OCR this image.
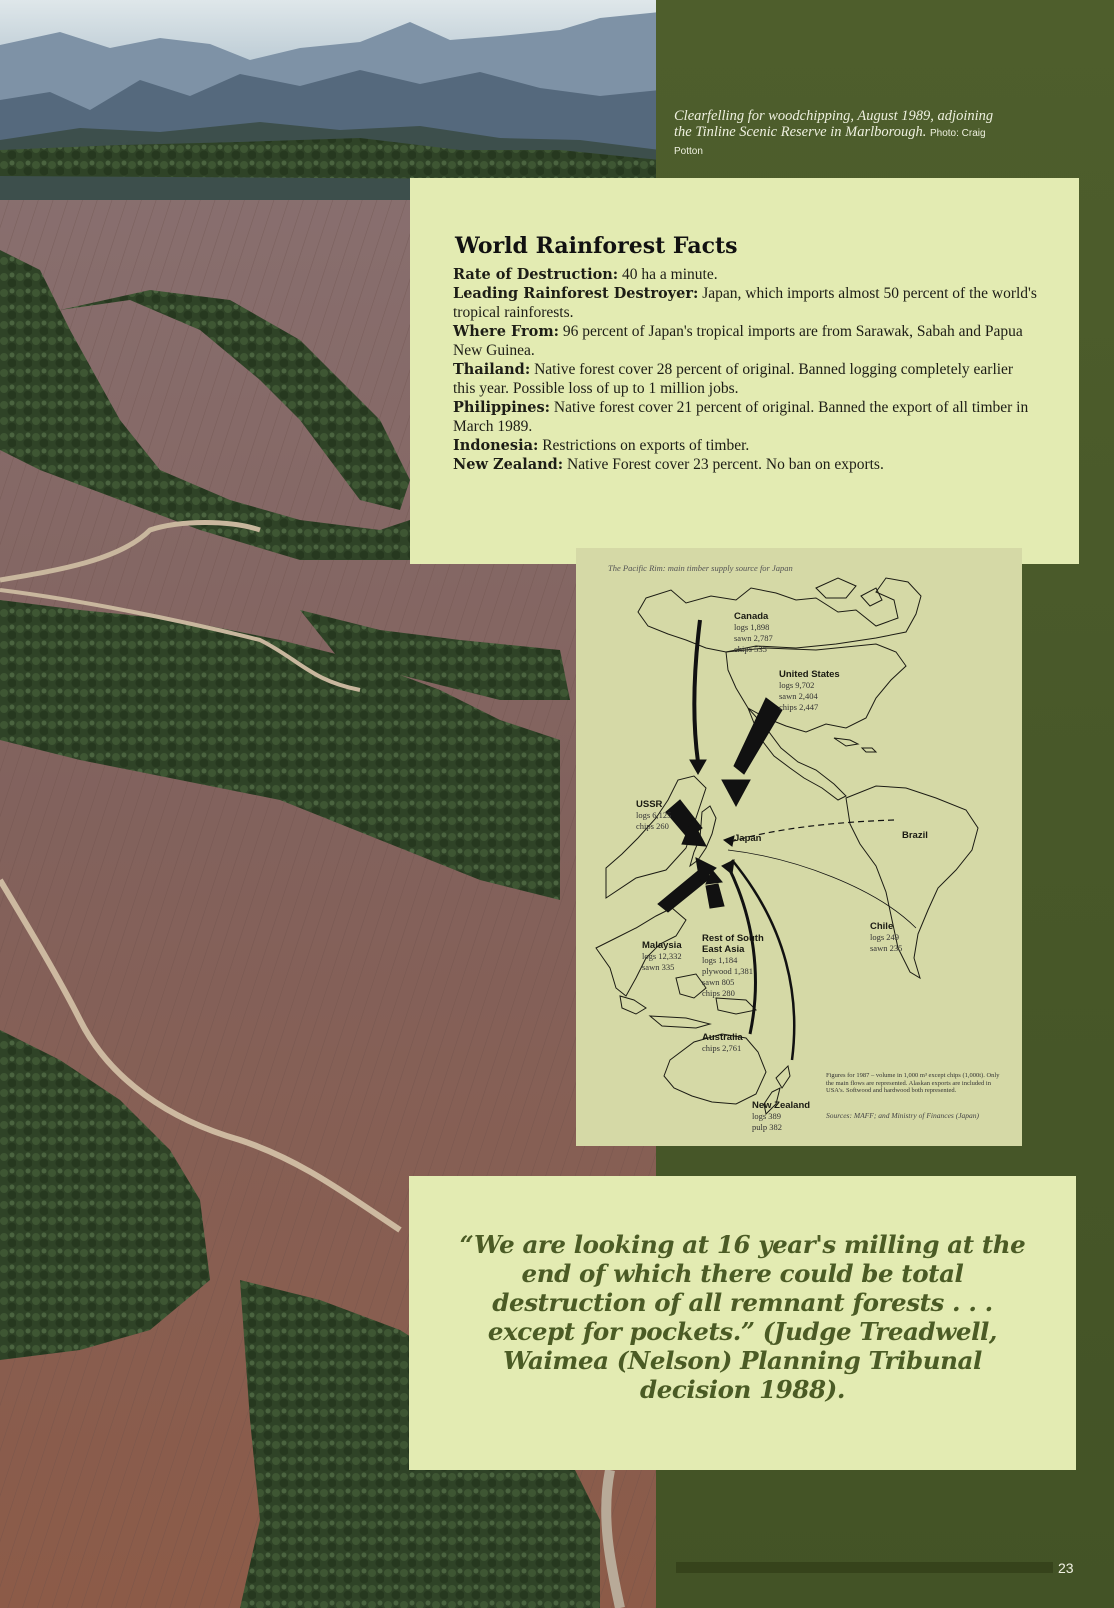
Clearfelling for woodchipping, August 1989, adjoining the Tinline Scenic Reserve in Marlborough. Photo: Craig Potton

World Rainforest Facts

Rate of Destruction: 40 ha a minute.

Leading Rainforest Destroyer: Japan, which imports almost 50 percent of the world's tropical rainforests.

Where From: 96 percent of Japan's tropical imports are from Sarawak, Sabah and Papua New Guinea.

Thailand: Native forest cover 28 percent of original. Banned logging completely earlier this year. Possible loss of up to 1 million jobs.

Philippines: Native forest cover 21 percent of original. Banned the export of all timber in March 1989.

Indonesia: Restrictions on exports of timber.

New Zealand: Native Forest cover 23 percent. No ban on exports.

The Pacific Rim: main timber supply source for Japan
Canada
logs 1,898
sawn 2,787
chips 535
United States
logs 9,702
sawn 2,404
chips 2,447
USSR
logs 6,125
chips 260
Japan	Brazil
Chile
logs 249
sawn 235
Malaysia
logs 12,332
sawn 335
Rest of South East Asia
logs 1,184
plywood 1,381
sawn 805
chips 280
Australia
chips 2,761
New Zealand
logs 389
pulp 382
Figures for 1987 – volume in 1,000 m³ except chips (1,000t). Only the main flows are represented. Alaskan exports are included in USA's. Softwood and hardwood both represented.
Sources: MAFF; and Ministry of Finances (Japan)

“We are looking at 16 year's milling at the end of which there could be total destruction of all remnant forests . . . except for pockets.” (Judge Treadwell, Waimea (Nelson) Planning Tribunal decision 1988).

23
